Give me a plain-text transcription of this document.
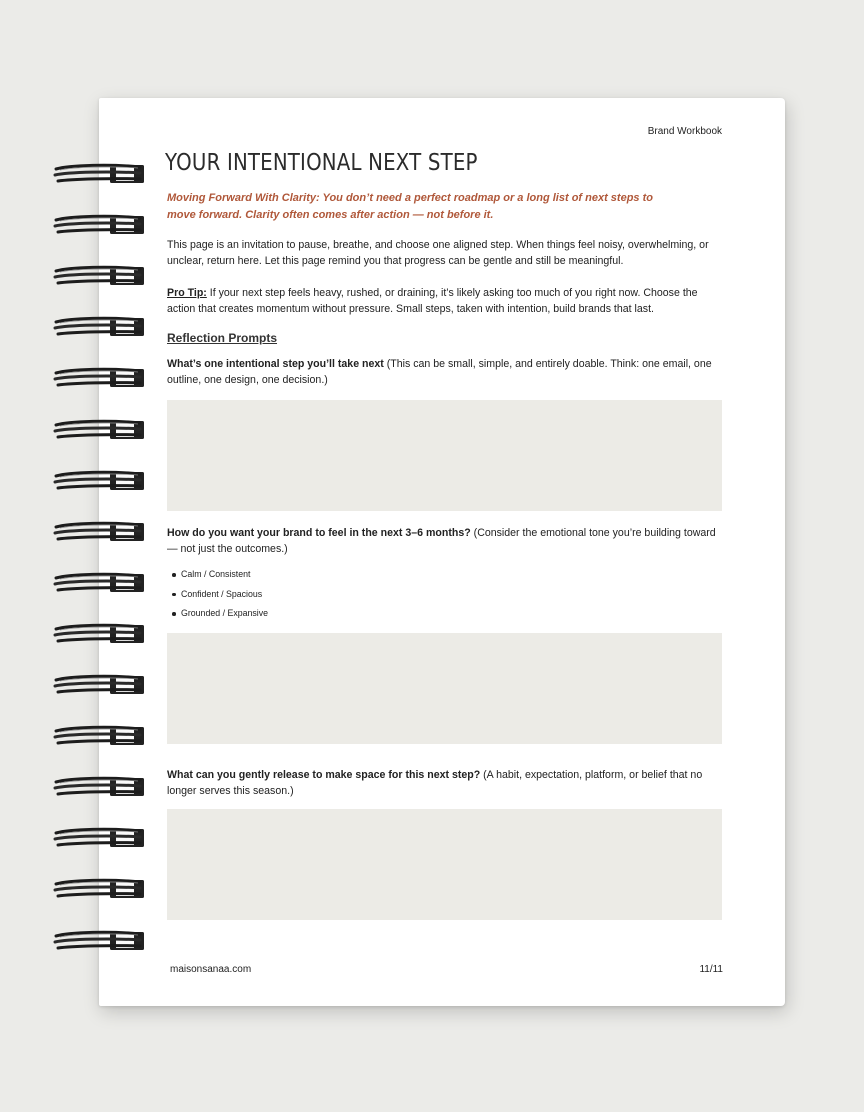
Brand Workbook
YOUR INTENTIONAL NEXT STEP

Moving Forward With Clarity: You don’t need a perfect roadmap or a long list of next steps to move forward. Clarity often comes after action — not before it.

This page is an invitation to pause, breathe, and choose one aligned step. When things feel noisy, overwhelming, or unclear, return here. Let this page remind you that progress can be gentle and still be meaningful.

Pro Tip: If your next step feels heavy, rushed, or draining, it’s likely asking too much of you right now. Choose the action that creates momentum without pressure. Small steps, taken with intention, build brands that last.

Reflection Prompts

What’s one intentional step you’ll take next (This can be small, simple, and entirely doable. Think: one email, one outline, one design, one decision.)

How do you want your brand to feel in the next 3–6 months? (Consider the emotional tone you’re building toward — not just the outcomes.)

Calm / Consistent
Confident / Spacious
Grounded / Expansive

What can you gently release to make space for this next step? (A habit, expectation, platform, or belief that no longer serves this season.)

maisonsanaa.com	11/11
